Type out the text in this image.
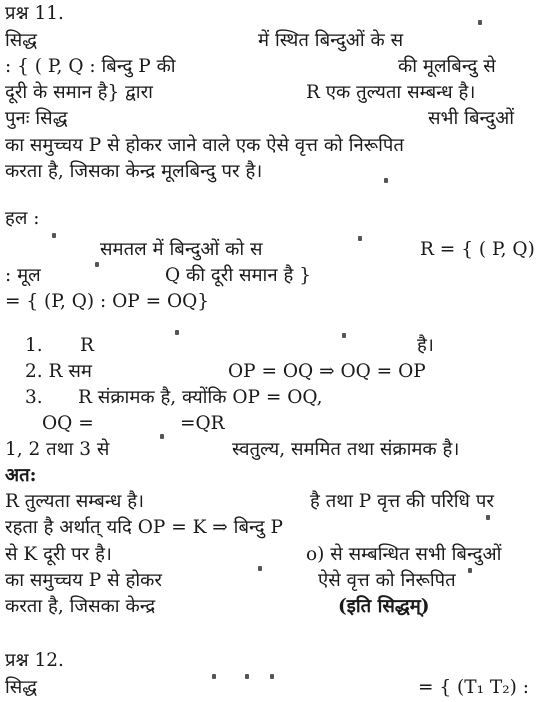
प्रश्न 11.
सिद्ध	में स्थित बिन्दुओं के स
: { ( P, Q : बिन्दु P की	की मूलबिन्दु से
दूरी के समान है} द्वारा	R एक तुल्यता सम्बन्ध है।
पुनः सिद्ध	सभी बिन्दुओं
का समुच्चय P से होकर जाने वाले एक ऐसे वृत्त को निरूपित
करता है, जिसका केन्द्र मूलबिन्दु पर है।
हल :
समतल में बिन्दुओं को स	R = { ( P, Q)
: मूल	Q की दूरी समान है }
= { (P, Q) : OP = OQ}
1. R	है।
2. R सम	OP = OQ ⇒ OQ = OP
3. R संक्रामक है, क्योंकि OP = OQ,
OQ =	=QR
1, 2 तथा 3 से	स्वतुल्य, सममित तथा संक्रामक है।
अत:
R तुल्यता सम्बन्ध है।	है तथा P वृत्त की परिधि पर
रहता है अर्थात् यदि OP = K ⇒ बिन्दु P
से K दूरी पर है।	o) से सम्बन्धित सभी बिन्दुओं
का समुच्चय P से होकर	ऐसे वृत्त को निरूपित
करता है, जिसका केन्द्र	(इति सिद्धम्)
प्रश्न 12.
सिद्ध	= { (T₁ T₂) :
